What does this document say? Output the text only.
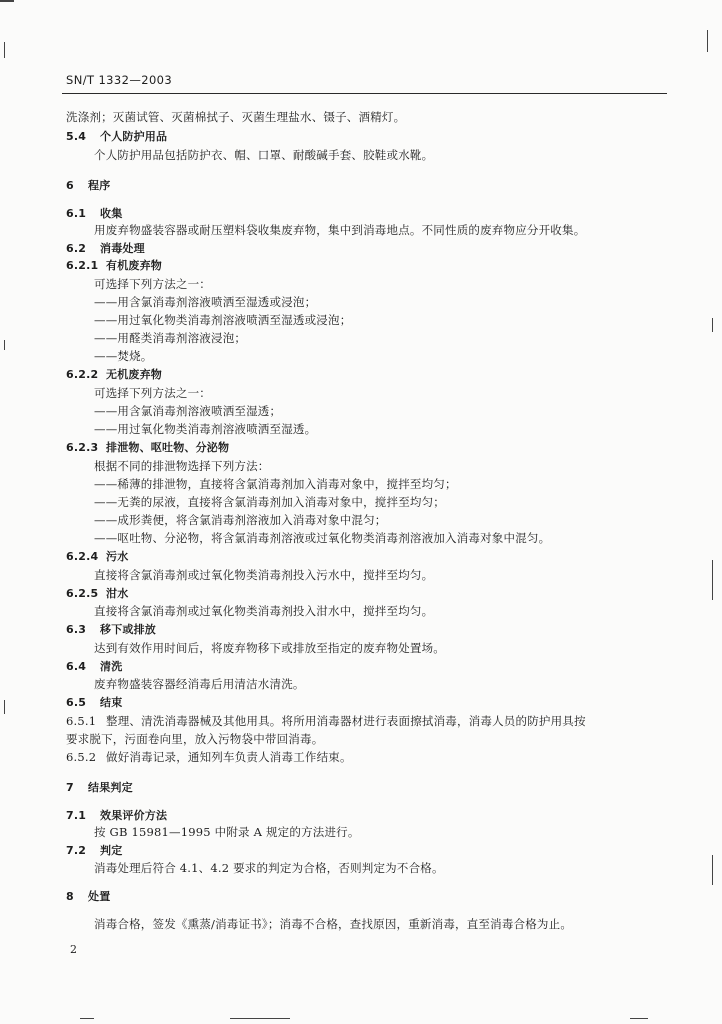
SN/T 1332—2003
洗涤剂；灭菌试管、灭菌棉拭子、灭菌生理盐水、镊子、酒精灯。
5.4 个人防护用品
个人防护用品包括防护衣、帽、口罩、耐酸碱手套、胶鞋或水靴。
6 程序
6.1 收集
用废弃物盛装容器或耐压塑料袋收集废弃物，集中到消毒地点。不同性质的废弃物应分开收集。
6.2 消毒处理
6.2.1 有机废弃物
可选择下列方法之一：
——用含氯消毒剂溶液喷洒至湿透或浸泡；
——用过氧化物类消毒剂溶液喷洒至湿透或浸泡；
——用醛类消毒剂溶液浸泡；
——焚烧。
6.2.2 无机废弃物
可选择下列方法之一：
——用含氯消毒剂溶液喷洒至湿透；
——用过氧化物类消毒剂溶液喷洒至湿透。
6.2.3 排泄物、呕吐物、分泌物
根据不同的排泄物选择下列方法：
——稀薄的排泄物，直接将含氯消毒剂加入消毒对象中，搅拌至均匀；
——无粪的尿液，直接将含氯消毒剂加入消毒对象中，搅拌至均匀；
——成形粪便，将含氯消毒剂溶液加入消毒对象中混匀；
——呕吐物、分泌物，将含氯消毒剂溶液或过氧化物类消毒剂溶液加入消毒对象中混匀。
6.2.4 污水
直接将含氯消毒剂或过氧化物类消毒剂投入污水中，搅拌至均匀。
6.2.5 泔水
直接将含氯消毒剂或过氧化物类消毒剂投入泔水中，搅拌至均匀。
6.3 移下或排放
达到有效作用时间后，将废弃物移下或排放至指定的废弃物处置场。
6.4 清洗
废弃物盛装容器经消毒后用清洁水清洗。
6.5 结束
6.5.1 整理、清洗消毒器械及其他用具。将所用消毒器材进行表面擦拭消毒，消毒人员的防护用具按
要求脱下，污面卷向里，放入污物袋中带回消毒。
6.5.2 做好消毒记录，通知列车负责人消毒工作结束。
7 结果判定
7.1 效果评价方法
按 GB 15981—1995 中附录 A 规定的方法进行。
7.2 判定
消毒处理后符合 4.1、4.2 要求的判定为合格，否则判定为不合格。
8 处置
消毒合格，签发《熏蒸/消毒证书》；消毒不合格，查找原因，重新消毒，直至消毒合格为止。
2
